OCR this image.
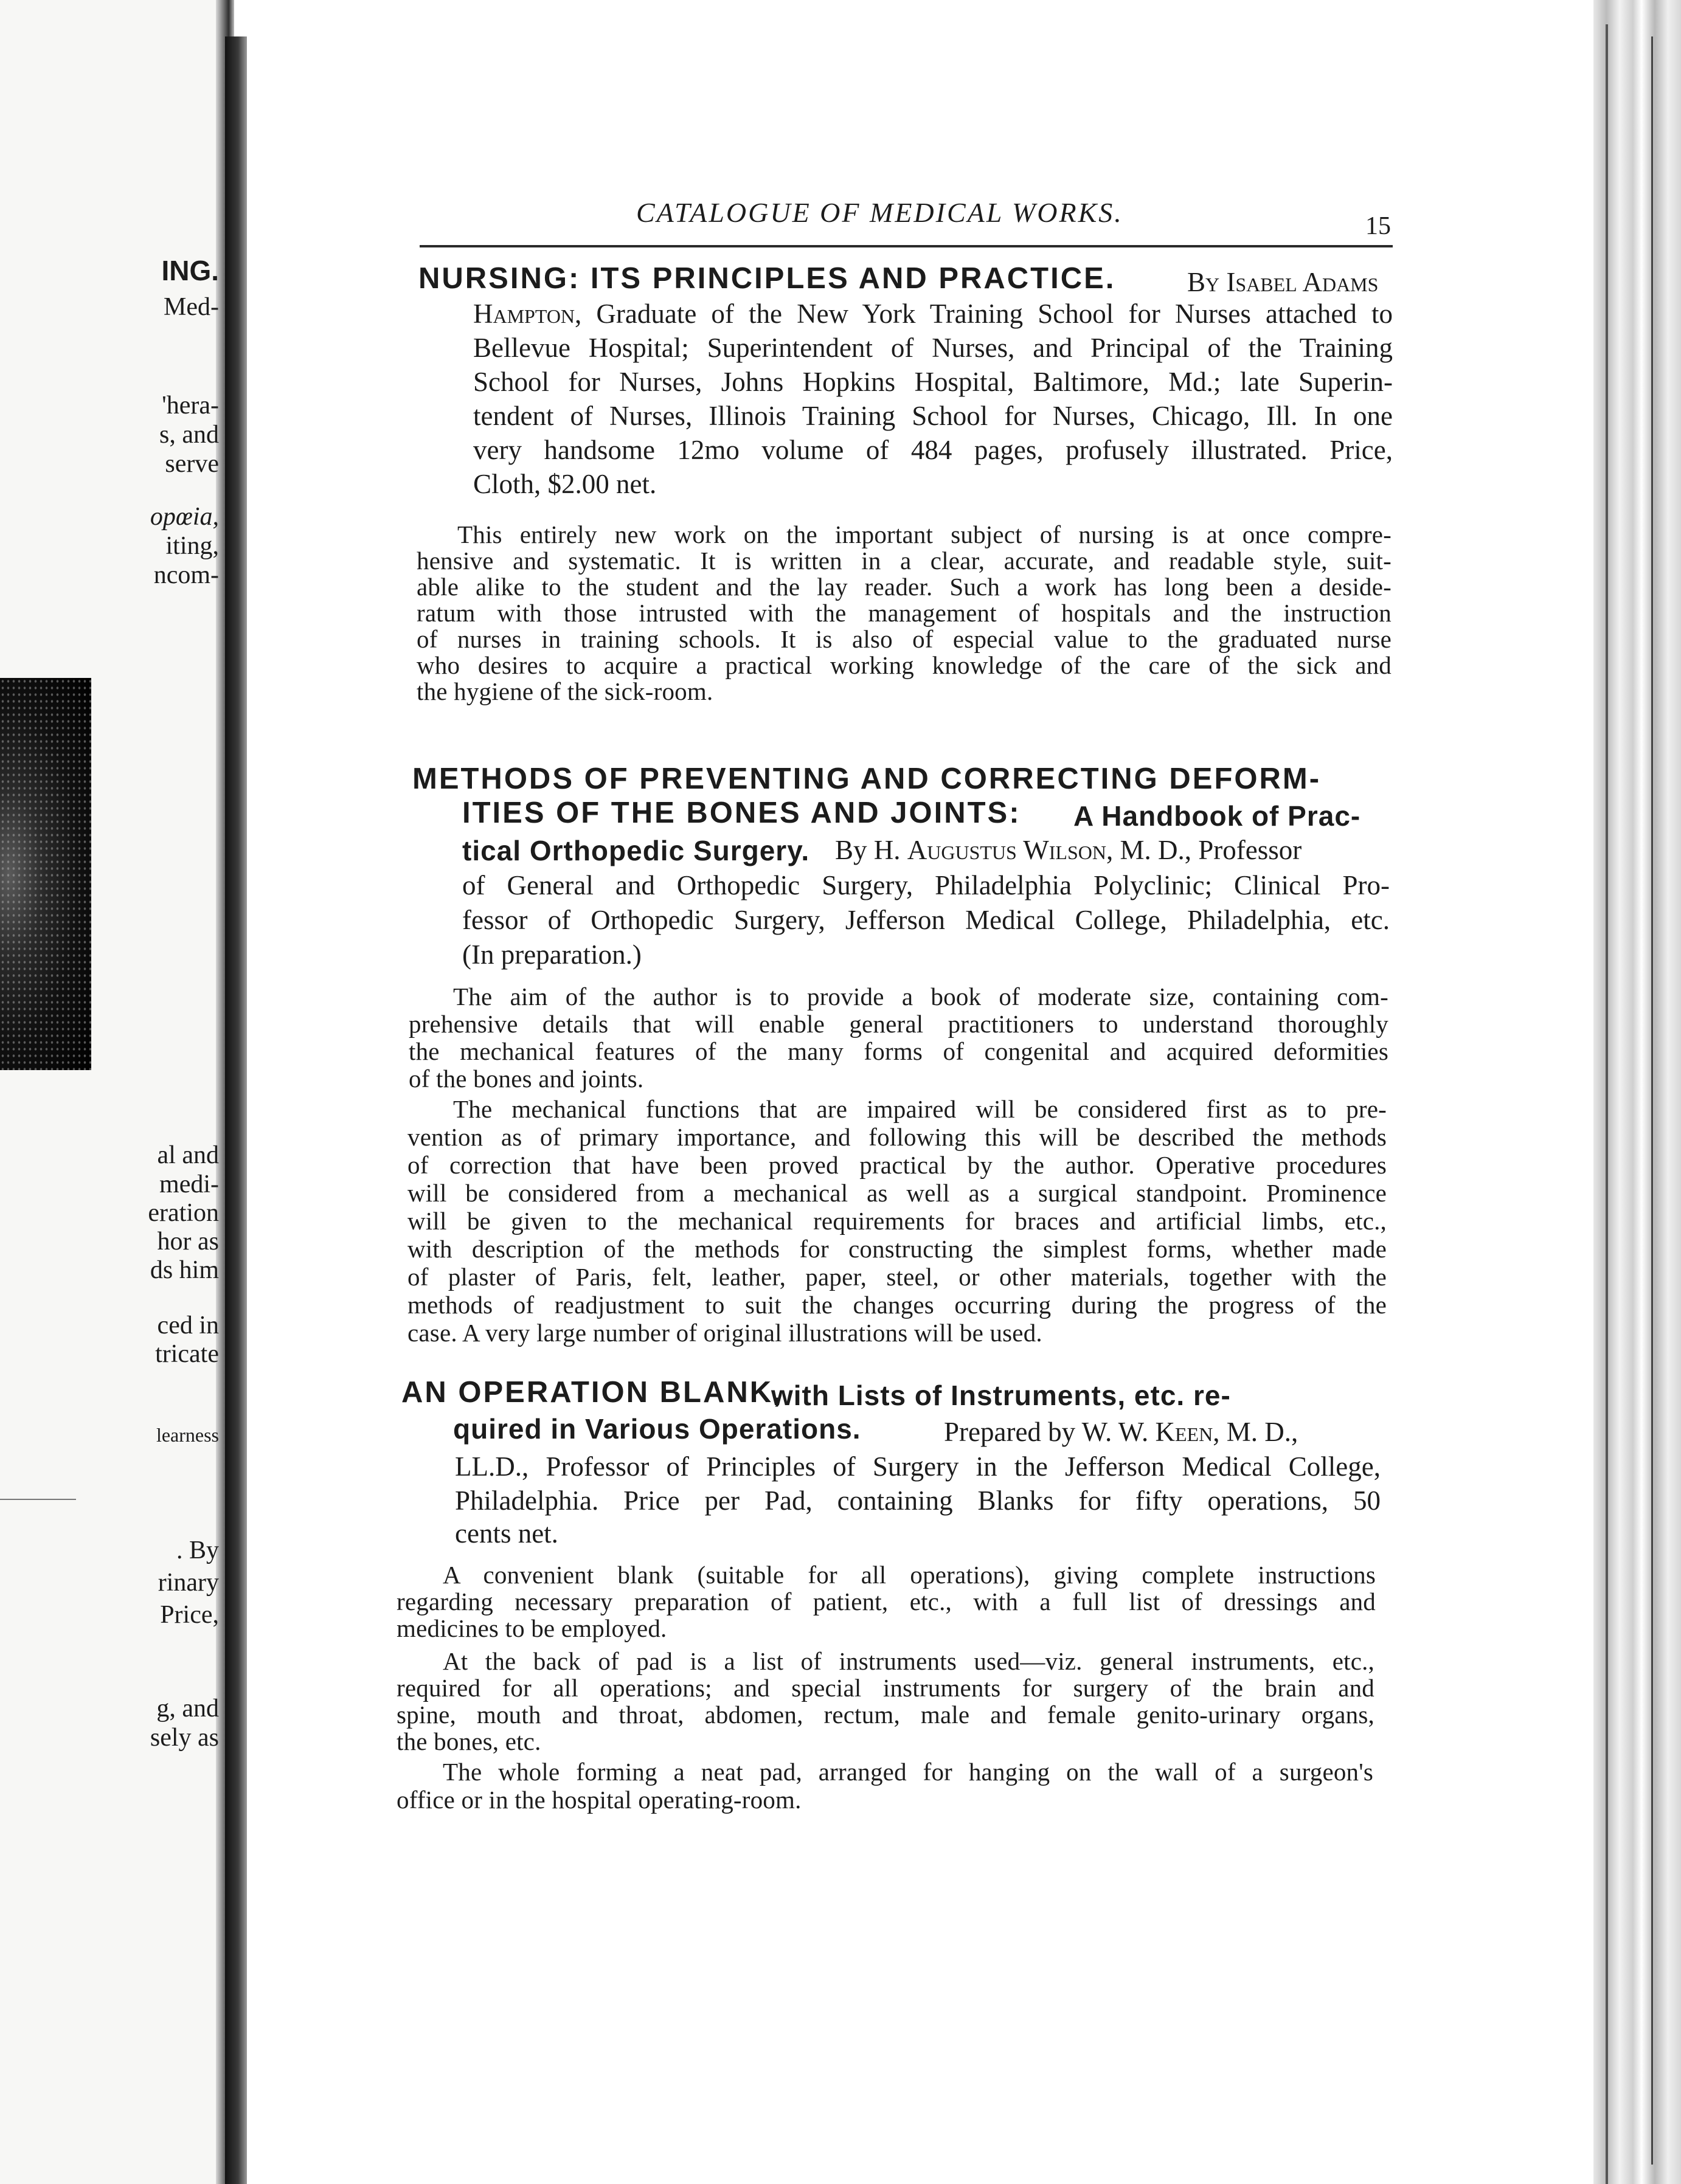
ING.
Med-
'hera-
s, and
serve
opœia,
iting,
ncom-
al and
medi-
eration
hor as
ds him
ced in
tricate
learness
. By
rinary
Price,
g, and
sely as
CATALOGUE OF MEDICAL WORKS.	15
NURSING: ITS PRINCIPLES AND PRACTICE.	By Isabel Adams
Hampton, Graduate of the New York Training School for Nurses attached to
Bellevue Hospital; Superintendent of Nurses, and Principal of the Training
School for Nurses, Johns Hopkins Hospital, Baltimore, Md.; late Superin-
tendent of Nurses, Illinois Training School for Nurses, Chicago, Ill. In one
very handsome 12mo volume of 484 pages, profusely illustrated. Price,
Cloth, $2.00 net.
This entirely new work on the important subject of nursing is at once compre-
hensive and systematic. It is written in a clear, accurate, and readable style, suit-
able alike to the student and the lay reader. Such a work has long been a deside-
ratum with those intrusted with the management of hospitals and the instruction
of nurses in training schools. It is also of especial value to the graduated nurse
who desires to acquire a practical working knowledge of the care of the sick and
the hygiene of the sick-room.
METHODS OF PREVENTING AND CORRECTING DEFORM-
ITIES OF THE BONES AND JOINTS: A Handbook of Prac-
tical Orthopedic Surgery. By H. Augustus Wilson, M. D., Professor
of General and Orthopedic Surgery, Philadelphia Polyclinic; Clinical Pro-
fessor of Orthopedic Surgery, Jefferson Medical College, Philadelphia, etc.
(In preparation.)
The aim of the author is to provide a book of moderate size, containing com-
prehensive details that will enable general practitioners to understand thoroughly
the mechanical features of the many forms of congenital and acquired deformities
of the bones and joints.
The mechanical functions that are impaired will be considered first as to pre-
vention as of primary importance, and following this will be described the methods
of correction that have been proved practical by the author. Operative procedures
will be considered from a mechanical as well as a surgical standpoint. Prominence
will be given to the mechanical requirements for braces and artificial limbs, etc.,
with description of the methods for constructing the simplest forms, whether made
of plaster of Paris, felt, leather, paper, steel, or other materials, together with the
methods of readjustment to suit the changes occurring during the progress of the
case. A very large number of original illustrations will be used.
AN OPERATION BLANK,
with Lists of Instruments, etc. re-
quired in Various Operations.	Prepared by W. W. Keen, M. D.,
LL.D., Professor of Principles of Surgery in the Jefferson Medical College,
Philadelphia. Price per Pad, containing Blanks for fifty operations, 50
cents net.
A convenient blank (suitable for all operations), giving complete instructions
regarding necessary preparation of patient, etc., with a full list of dressings and
medicines to be employed.
At the back of pad is a list of instruments used—viz. general instruments, etc.,
required for all operations; and special instruments for surgery of the brain and
spine, mouth and throat, abdomen, rectum, male and female genito-urinary organs,
the bones, etc.
The whole forming a neat pad, arranged for hanging on the wall of a surgeon's
office or in the hospital operating-room.
